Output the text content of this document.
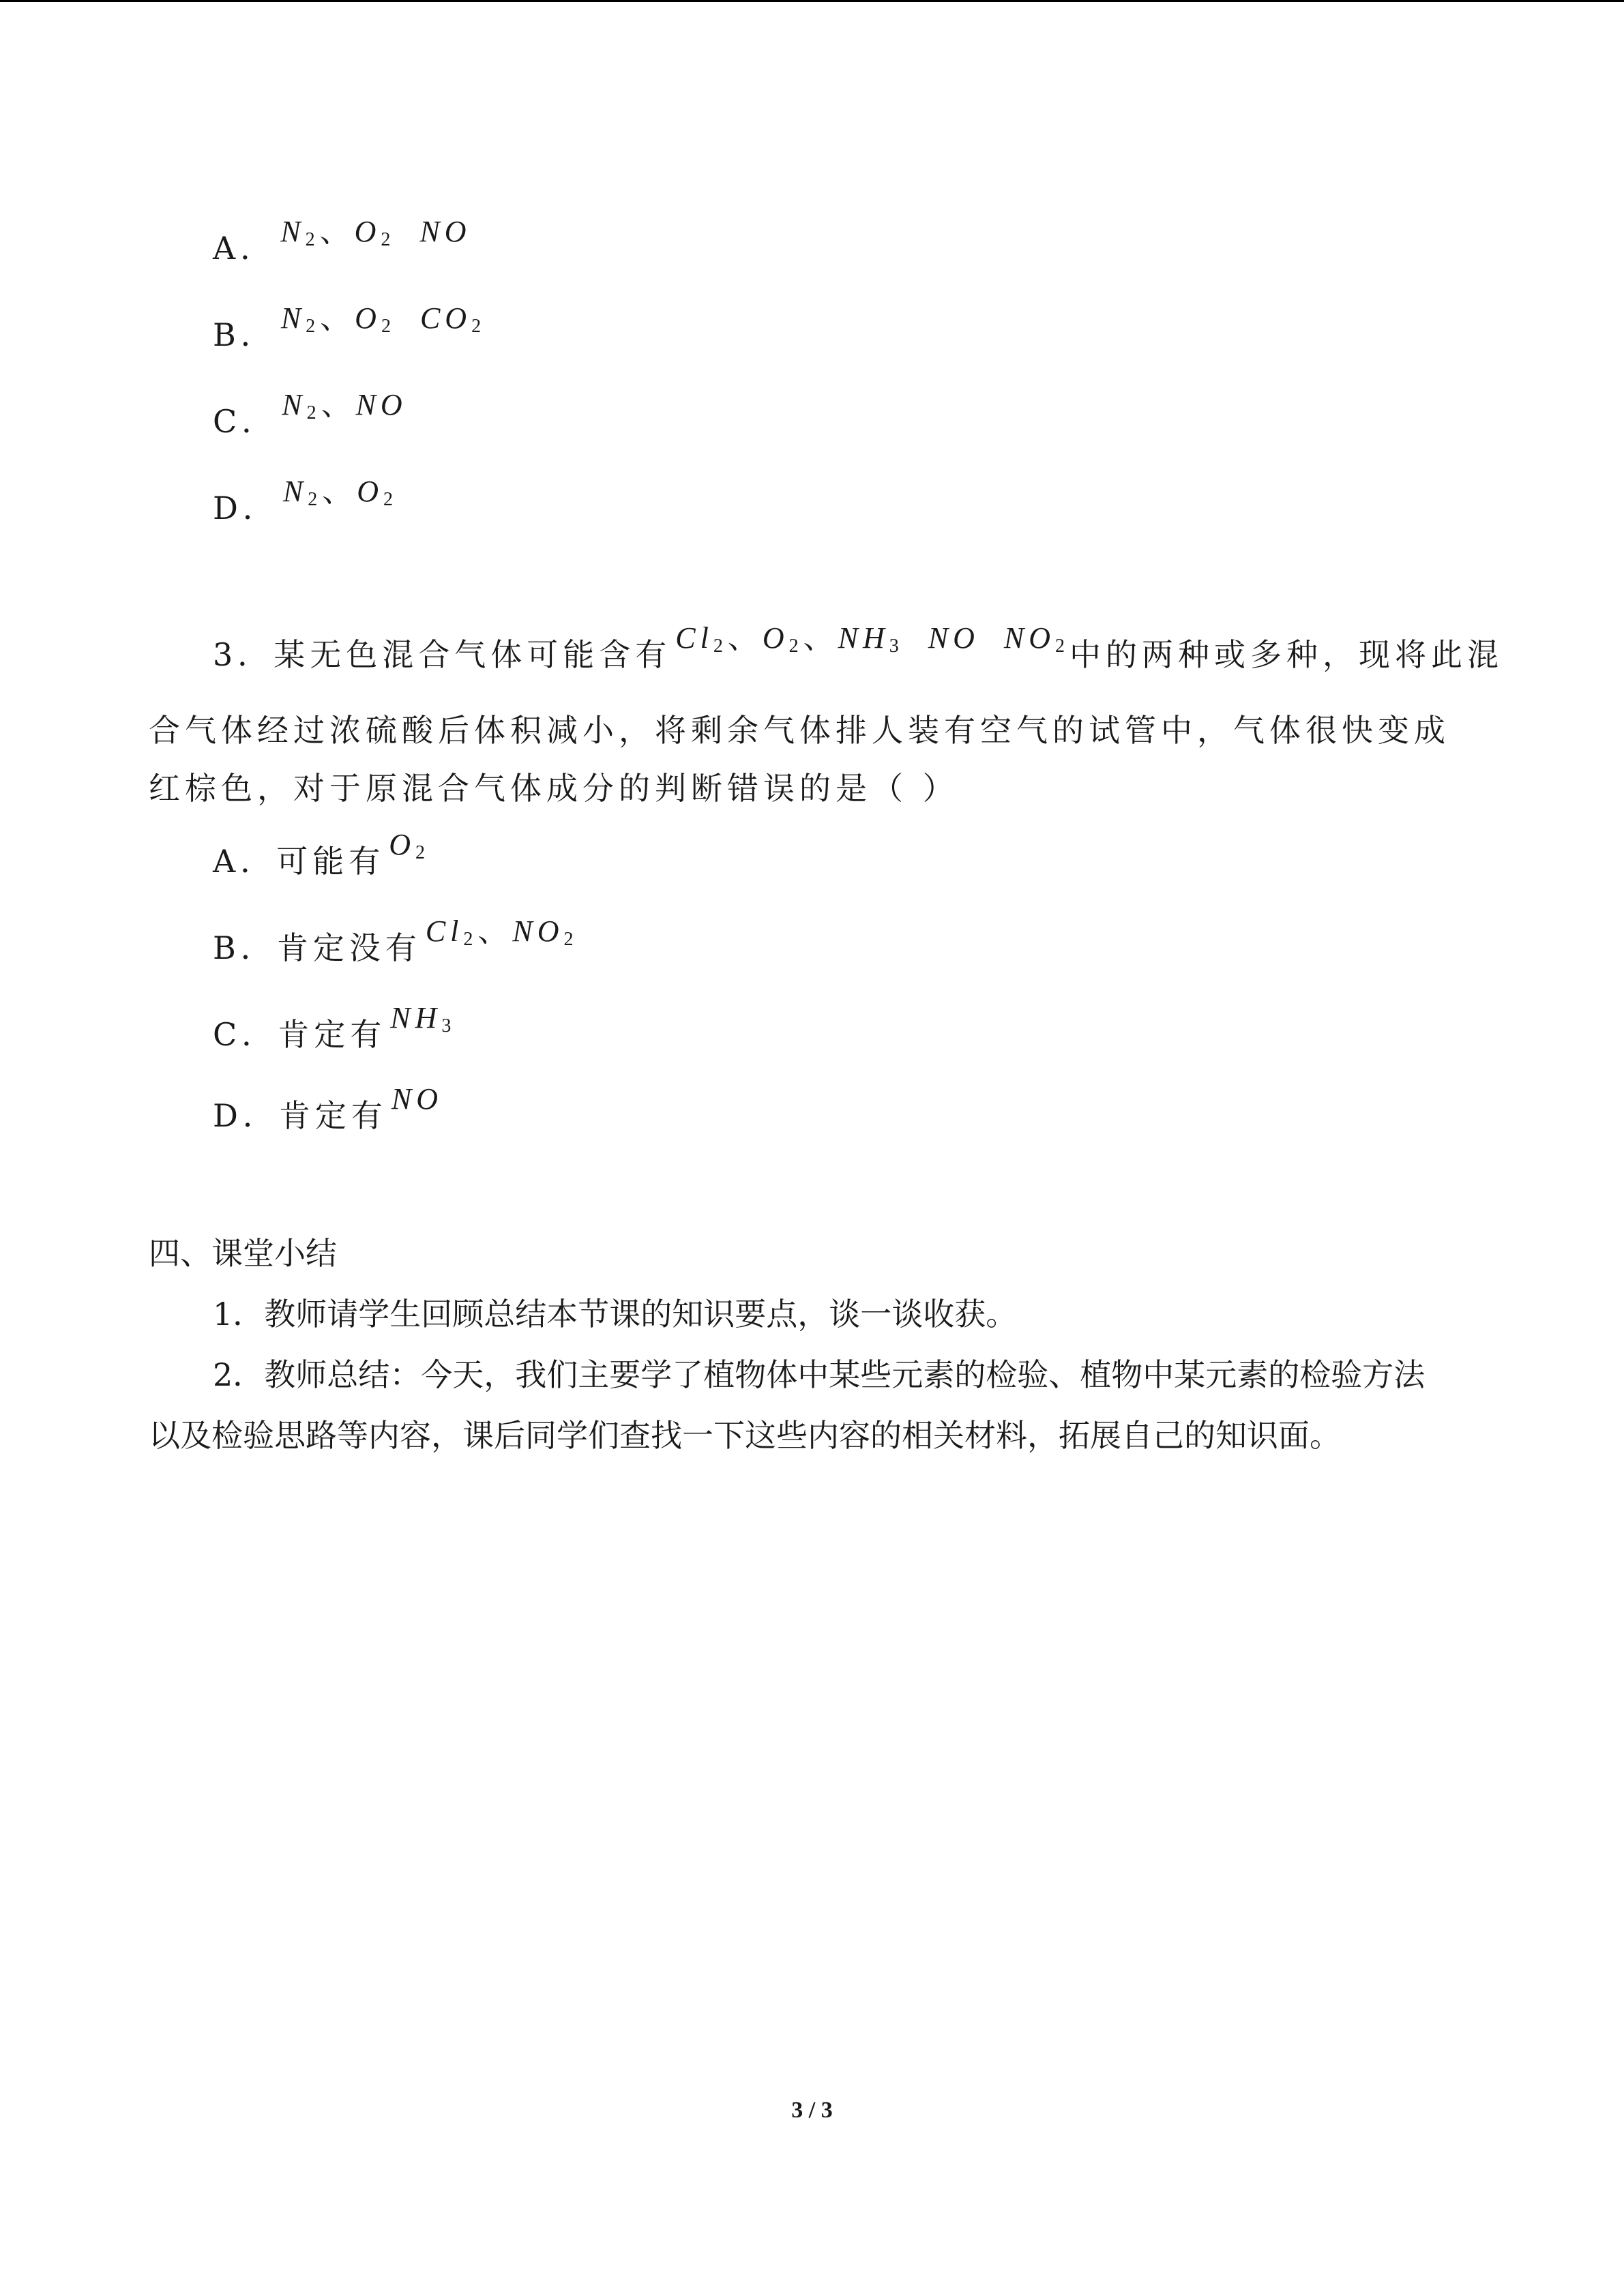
A． $N_2$、$O_2$ NO
B． $N_2$、$O_2$ $CO_2$
C． $N_2$、NO
D． $N_2$、$O_2$
3．某无色混合气体可能含有 $Cl_2$、$O_2$、$NH_3$ NO $NO_2$中的两种或多种，现将此混
合气体经过浓硫酸后体积减小，将剩余气体排人装有空气的试管中，气体很快变成
红棕色，对于原混合气体成分的判断错误的是（ ）
A．可能有 $O_2$
B．肯定没有 $Cl_2$、$NO_2$
C．肯定有 $NH_3$
D．肯定有 NO
四、课堂小结
1．教师请学生回顾总结本节课的知识要点，谈一谈收获。
2．教师总结：今天，我们主要学了植物体中某些元素的检验、植物中某元素的检验方法
以及检验思路等内容，课后同学们查找一下这些内容的相关材料，拓展自己的知识面。
3 / 3
